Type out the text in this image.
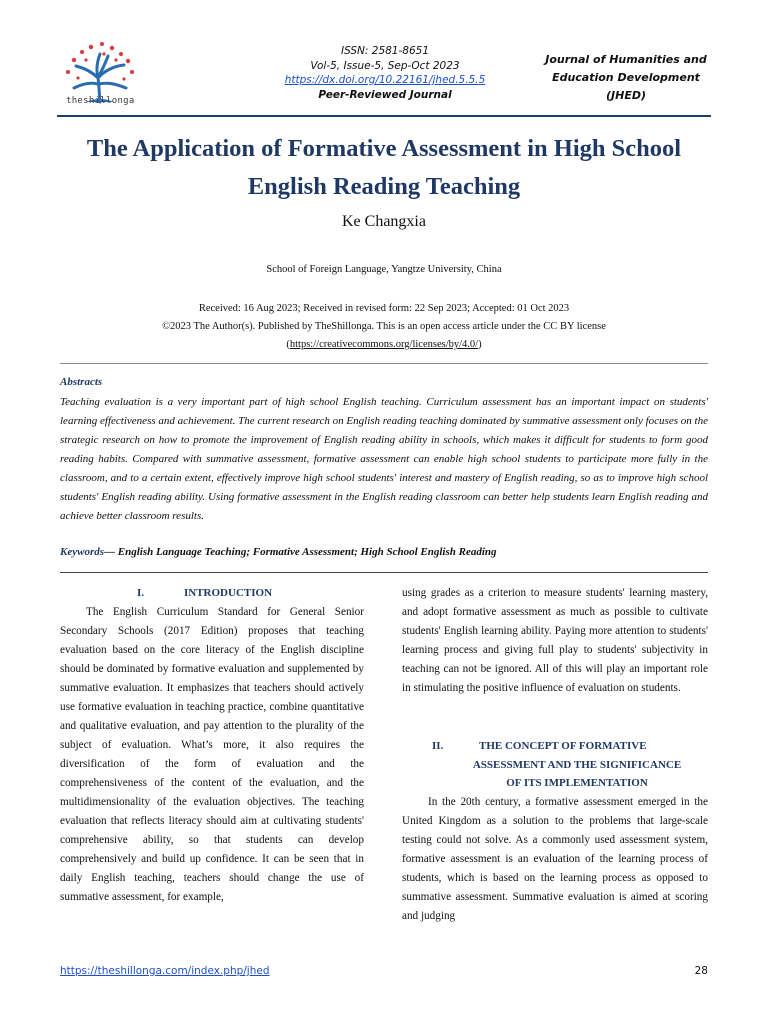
theshillonga
ISSN: 2581-8651
Vol-5, Issue-5, Sep-Oct 2023
https://dx.doi.org/10.22161/jhed.5.5.5
Peer-Reviewed Journal
Journal of Humanities and
Education Development
(JHED)
The Application of Formative Assessment in High School
English Reading Teaching
Ke Changxia
School of Foreign Language, Yangtze University, China
Received: 16 Aug 2023; Received in revised form: 22 Sep 2023; Accepted: 01 Oct 2023
©2023 The Author(s). Published by TheShillonga. This is an open access article under the CC BY license
(https://creativecommons.org/licenses/by/4.0/)
Abstracts
Teaching evaluation is a very important part of high school English teaching. Curriculum assessment has an important impact on students' learning effectiveness and achievement. The current research on English reading teaching dominated by summative assessment only focuses on the strategic research on how to promote the improvement of English reading ability in schools, which makes it difficult for students to form good reading habits. Compared with summative assessment, formative assessment can enable high school students to participate more fully in the classroom, and to a certain extent, effectively improve high school students' interest and mastery of English reading, so as to improve high school students' English reading ability. Using formative assessment in the English reading classroom can better help students learn English reading and achieve better classroom results.
Keywords— English Language Teaching; Formative Assessment; High School English Reading
I.	INTRODUCTION

The English Curriculum Standard for General Senior Secondary Schools (2017 Edition) proposes that teaching evaluation based on the core literacy of the English discipline should be dominated by formative evaluation and supplemented by summative evaluation. It emphasizes that teachers should actively use formative evaluation in teaching practice, combine quantitative and qualitative evaluation, and pay attention to the plurality of the subject of evaluation. What’s more, it also requires the diversification of the form of evaluation and the comprehensiveness of the content of the evaluation, and the multidimensionality of the evaluation objectives. The teaching evaluation that reflects literacy should aim at cultivating students' comprehensive ability, so that students can develop comprehensively and build up confidence. It can be seen that in daily English teaching, teachers should change the use of summative assessment, for example,

using grades as a criterion to measure students' learning mastery, and adopt formative assessment as much as possible to cultivate students' English learning ability. Paying more attention to students' learning process and giving full play to students' subjectivity in teaching can not be ignored. All of this will play an important role in stimulating the positive influence of evaluation on students.

II.	THE CONCEPT OF FORMATIVE
ASSESSMENT AND THE SIGNIFICANCE
OF ITS IMPLEMENTATION

In the 20th century, a formative assessment emerged in the United Kingdom as a solution to the problems that large-scale testing could not solve. As a commonly used assessment system, formative assessment is an evaluation of the learning process of students, which is based on the learning process as opposed to summative assessment. Summative evaluation is aimed at scoring and judging

https://theshillonga.com/index.php/jhed	28
